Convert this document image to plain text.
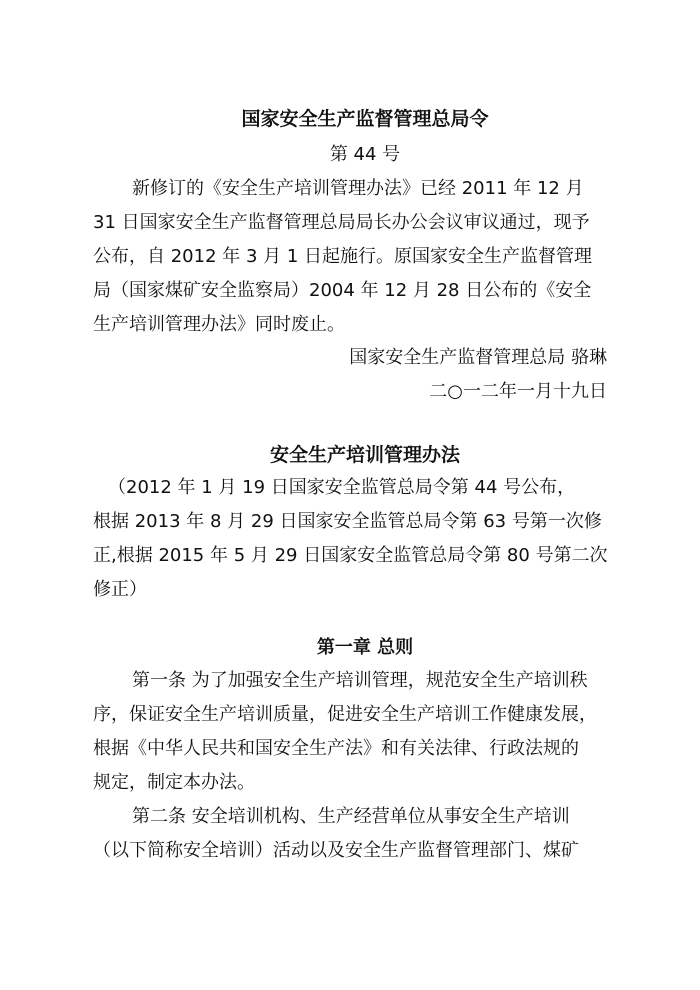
国家安全生产监督管理总局令
第 44 号
新修订的《安全生产培训管理办法》已经 2011 年 12 月
31 日国家安全生产监督管理总局局长办公会议审议通过，现予
公布，自 2012 年 3 月 1 日起施行。原国家安全生产监督管理
局（国家煤矿安全监察局）2004 年 12 月 28 日公布的《安全
生产培训管理办法》同时废止。
国家安全生产监督管理总局 骆琳
二○一二年一月十九日
安全生产培训管理办法
（2012 年 1 月 19 日国家安全监管总局令第 44 号公布，
根据 2013 年 8 月 29 日国家安全监管总局令第 63 号第一次修
正,根据 2015 年 5 月 29 日国家安全监管总局令第 80 号第二次
修正）
第一章 总则
第一条 为了加强安全生产培训管理，规范安全生产培训秩
序，保证安全生产培训质量，促进安全生产培训工作健康发展，
根据《中华人民共和国安全生产法》和有关法律、行政法规的
规定，制定本办法。
第二条 安全培训机构、生产经营单位从事安全生产培训
（以下简称安全培训）活动以及安全生产监督管理部门、煤矿
